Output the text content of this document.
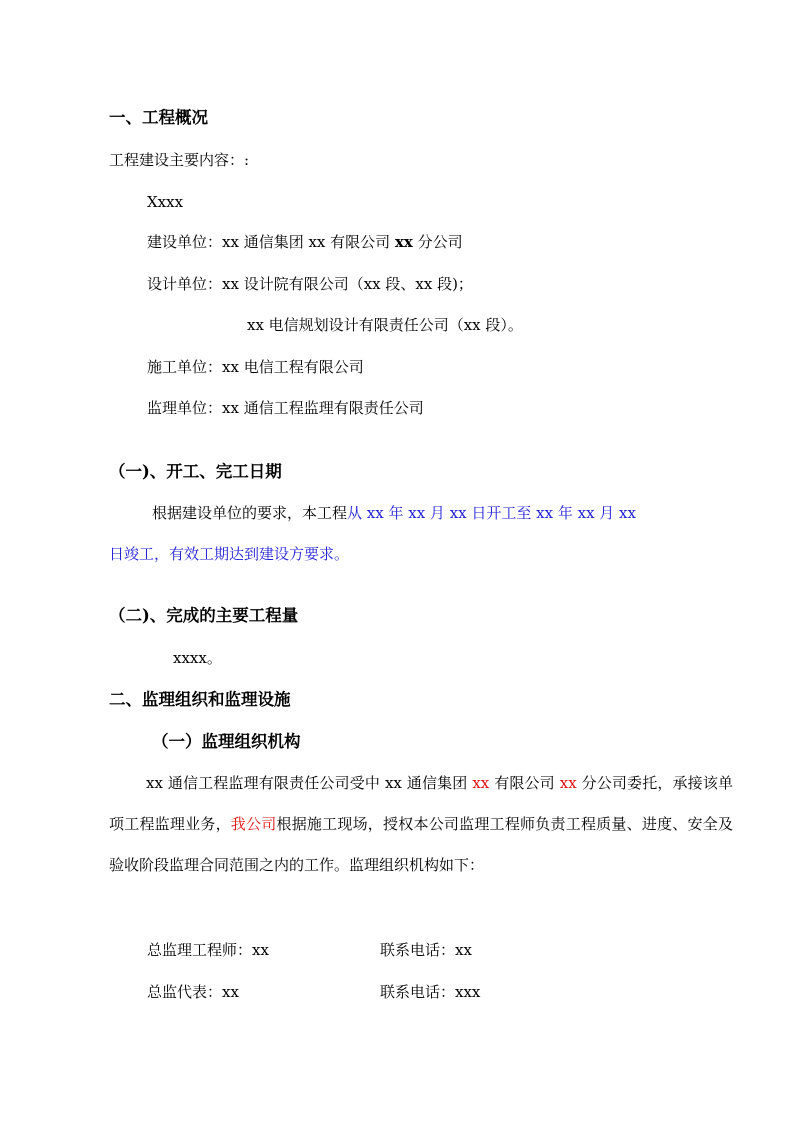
一、工程概况
工程建设主要内容：:
Xxxx
建设单位：xx 通信集团 xx 有限公司 xx 分公司
设计单位：xx 设计院有限公司（xx 段、xx 段)；
xx 电信规划设计有限责任公司（xx 段）。
施工单位：xx 电信工程有限公司
监理单位：xx 通信工程监理有限责任公司
（一)、开工、完工日期
根据建设单位的要求，本工程从 xx 年 xx 月 xx 日开工至 xx 年 xx 月 xx
日竣工，有效工期达到建设方要求。
（二)、完成的主要工程量
xxxx。
二、监理组织和监理设施
（一）监理组织机构
xx 通信工程监理有限责任公司受中 xx 通信集团 xx 有限公司 xx 分公司委托，承接该单项工程监理业务，我公司根据施工现场，授权本公司监理工程师负责工程质量、进度、安全及验收阶段监理合同范围之内的工作。监理组织机构如下：
总监理工程师：xx	联系电话：xx
总监代表：xx	联系电话：xxx
